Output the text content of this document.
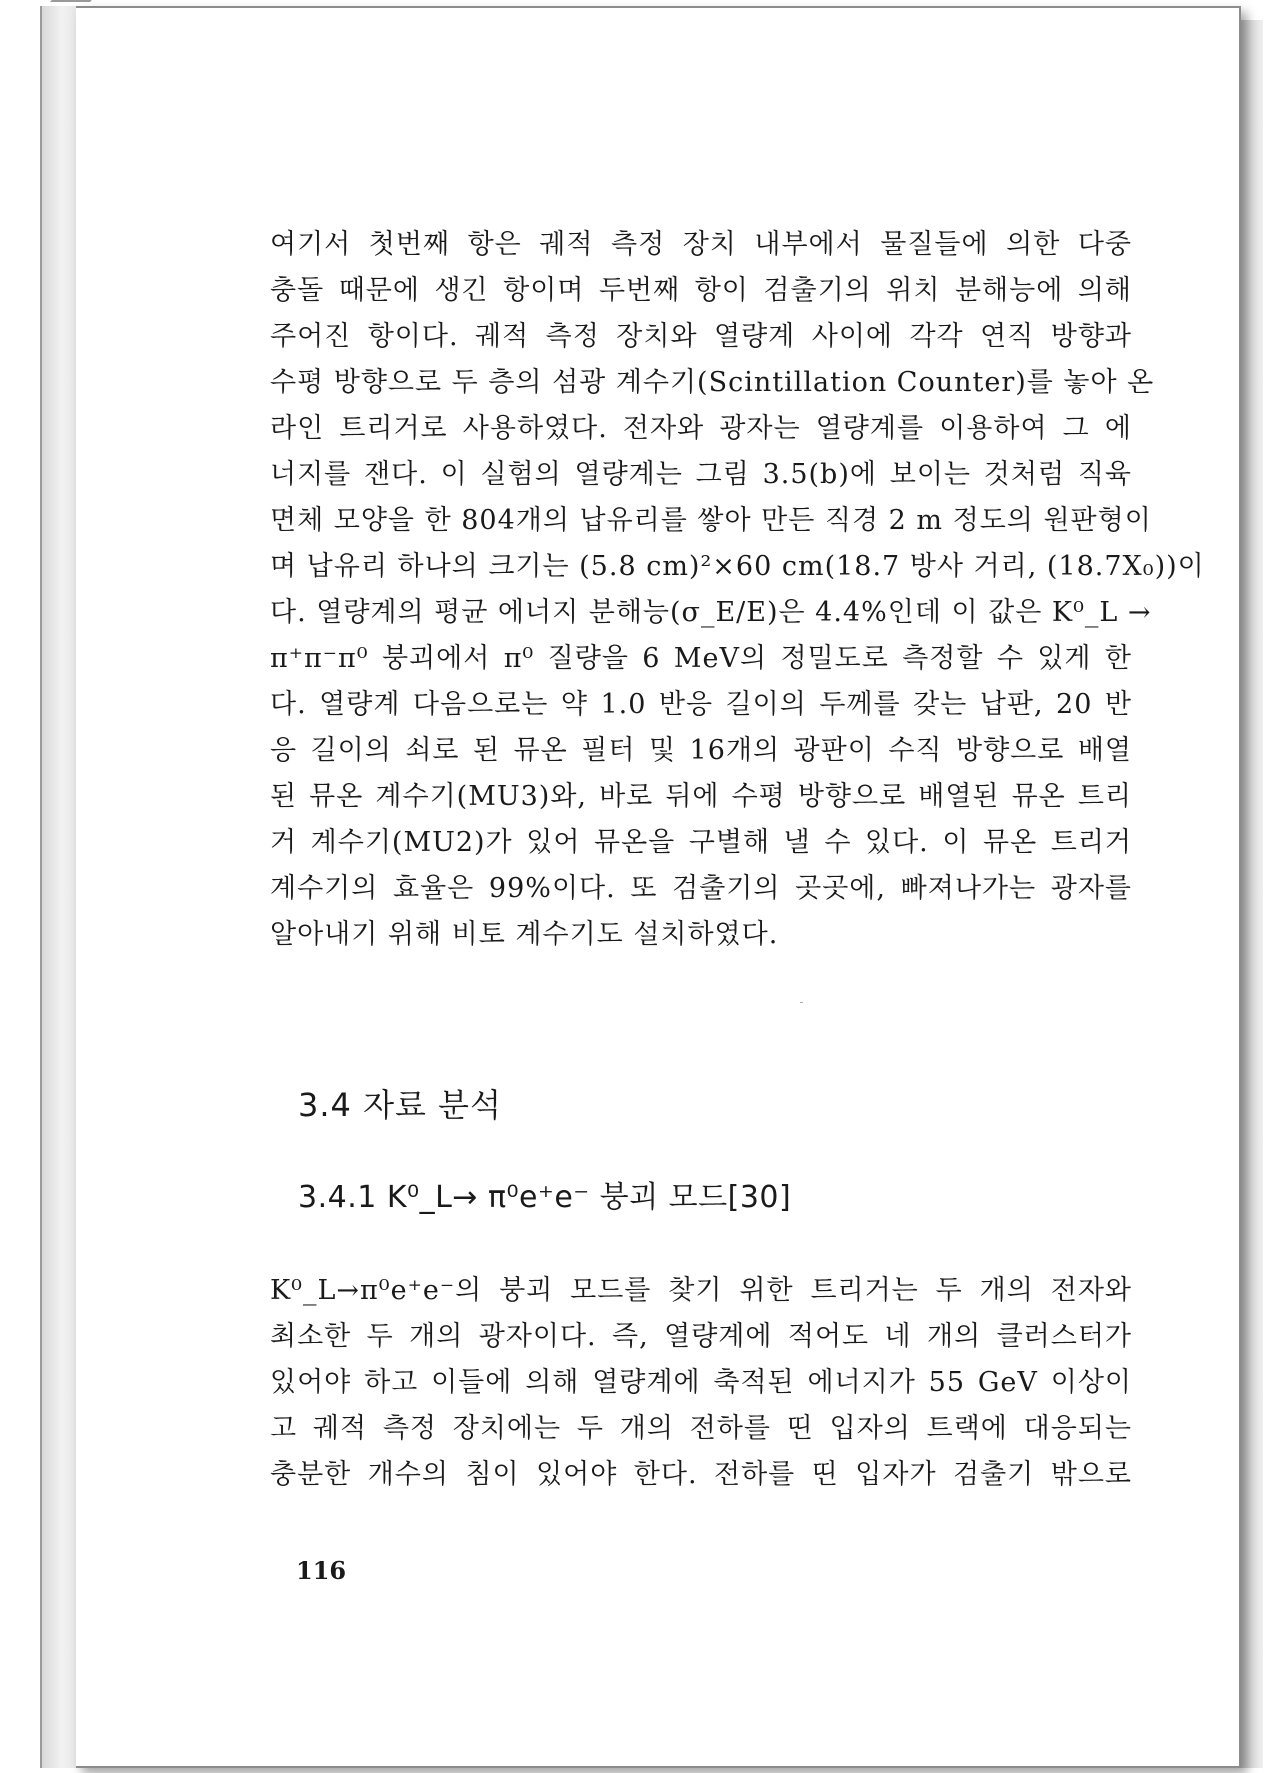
여기서 첫번째 항은 궤적 측정 장치 내부에서 물질들에 의한 다중
충돌 때문에 생긴 항이며 두번째 항이 검출기의 위치 분해능에 의해
주어진 항이다. 궤적 측정 장치와 열량계 사이에 각각 연직 방향과
수평 방향으로 두 층의 섬광 계수기(Scintillation Counter)를 놓아 온
라인 트리거로 사용하였다. 전자와 광자는 열량계를 이용하여 그 에
너지를 잰다. 이 실험의 열량계는 그림 3.5(b)에 보이는 것처럼 직육
면체 모양을 한 804개의 납유리를 쌓아 만든 직경 2 m 정도의 원판형이
며 납유리 하나의 크기는 (5.8 cm)²×60 cm(18.7 방사 거리, (18.7X₀))이
다. 열량계의 평균 에너지 분해능(σ_E/E)은 4.4%인데 이 값은 K⁰_L →
π⁺π⁻π⁰ 붕괴에서 π⁰ 질량을 6 MeV의 정밀도로 측정할 수 있게 한
다. 열량계 다음으로는 약 1.0 반응 길이의 두께를 갖는 납판, 20 반
응 길이의 쇠로 된 뮤온 필터 및 16개의 광판이 수직 방향으로 배열
된 뮤온 계수기(MU3)와, 바로 뒤에 수평 방향으로 배열된 뮤온 트리
거 계수기(MU2)가 있어 뮤온을 구별해 낼 수 있다. 이 뮤온 트리거
계수기의 효율은 99%이다. 또 검출기의 곳곳에, 빠져나가는 광자를
알아내기 위해 비토 계수기도 설치하였다.
3.4 자료 분석
3.4.1 K⁰_L→ π⁰e⁺e⁻ 붕괴 모드[30]
K⁰_L→π⁰e⁺e⁻의 붕괴 모드를 찾기 위한 트리거는 두 개의 전자와
최소한 두 개의 광자이다. 즉, 열량계에 적어도 네 개의 클러스터가
있어야 하고 이들에 의해 열량계에 축적된 에너지가 55 GeV 이상이
고 궤적 측정 장치에는 두 개의 전하를 띤 입자의 트랙에 대응되는
충분한 개수의 침이 있어야 한다. 전하를 띤 입자가 검출기 밖으로
116
